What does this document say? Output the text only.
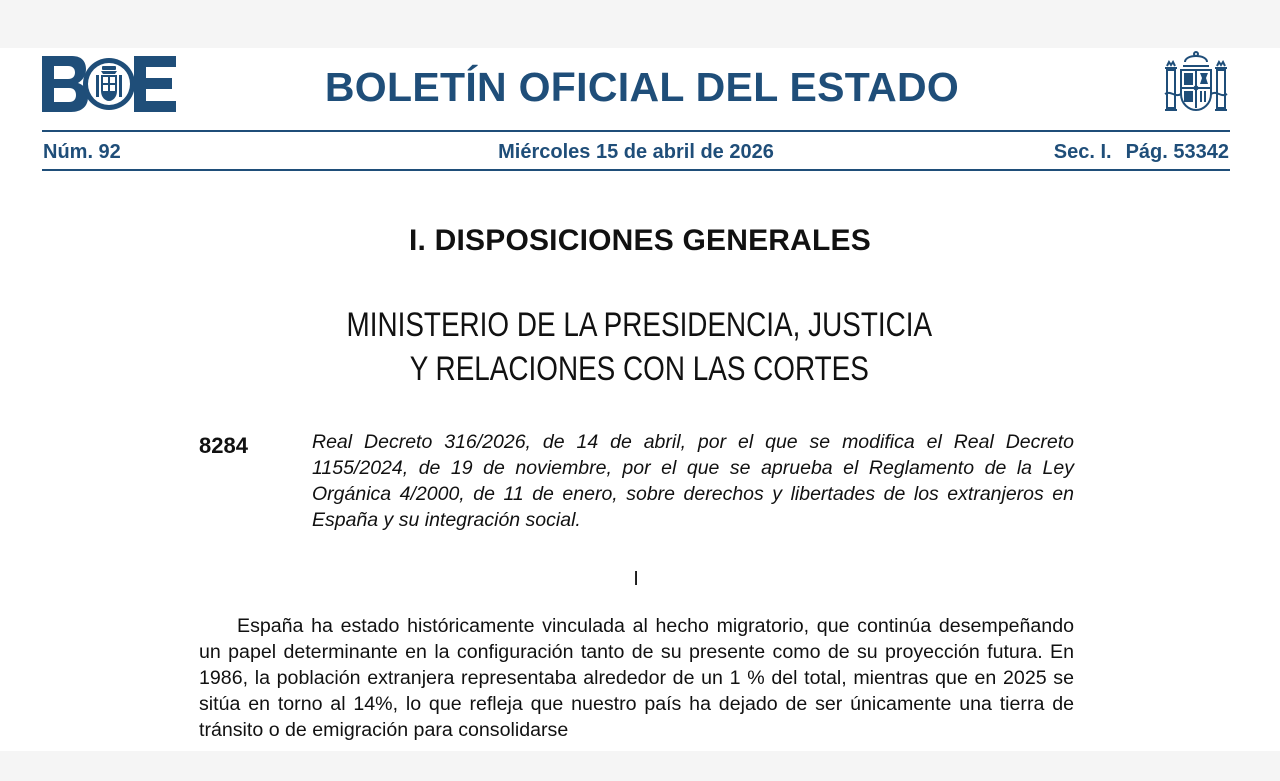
BOLETÍN OFICIAL DEL ESTADO
Núm. 92	Miércoles 15 de abril de 2026	Sec. I. Pág. 53342
I. DISPOSICIONES GENERALES
MINISTERIO DE LA PRESIDENCIA, JUSTICIA
Y RELACIONES CON LAS CORTES
8284	Real Decreto 316/2026, de 14 de abril, por el que se modifica el Real Decreto 1155/2024, de 19 de noviembre, por el que se aprueba el Reglamento de la Ley Orgánica 4/2000, de 11 de enero, sobre derechos y libertades de los extranjeros en España y su integración social.

I

España ha estado históricamente vinculada al hecho migratorio, que continúa desempeñando un papel determinante en la configuración tanto de su presente como de su proyección futura. En 1986, la población extranjera representaba alrededor de un 1 % del total, mientras que en 2025 se sitúa en torno al 14%, lo que refleja que nuestro país ha dejado de ser únicamente una tierra de tránsito o de emigración para consolidarse
